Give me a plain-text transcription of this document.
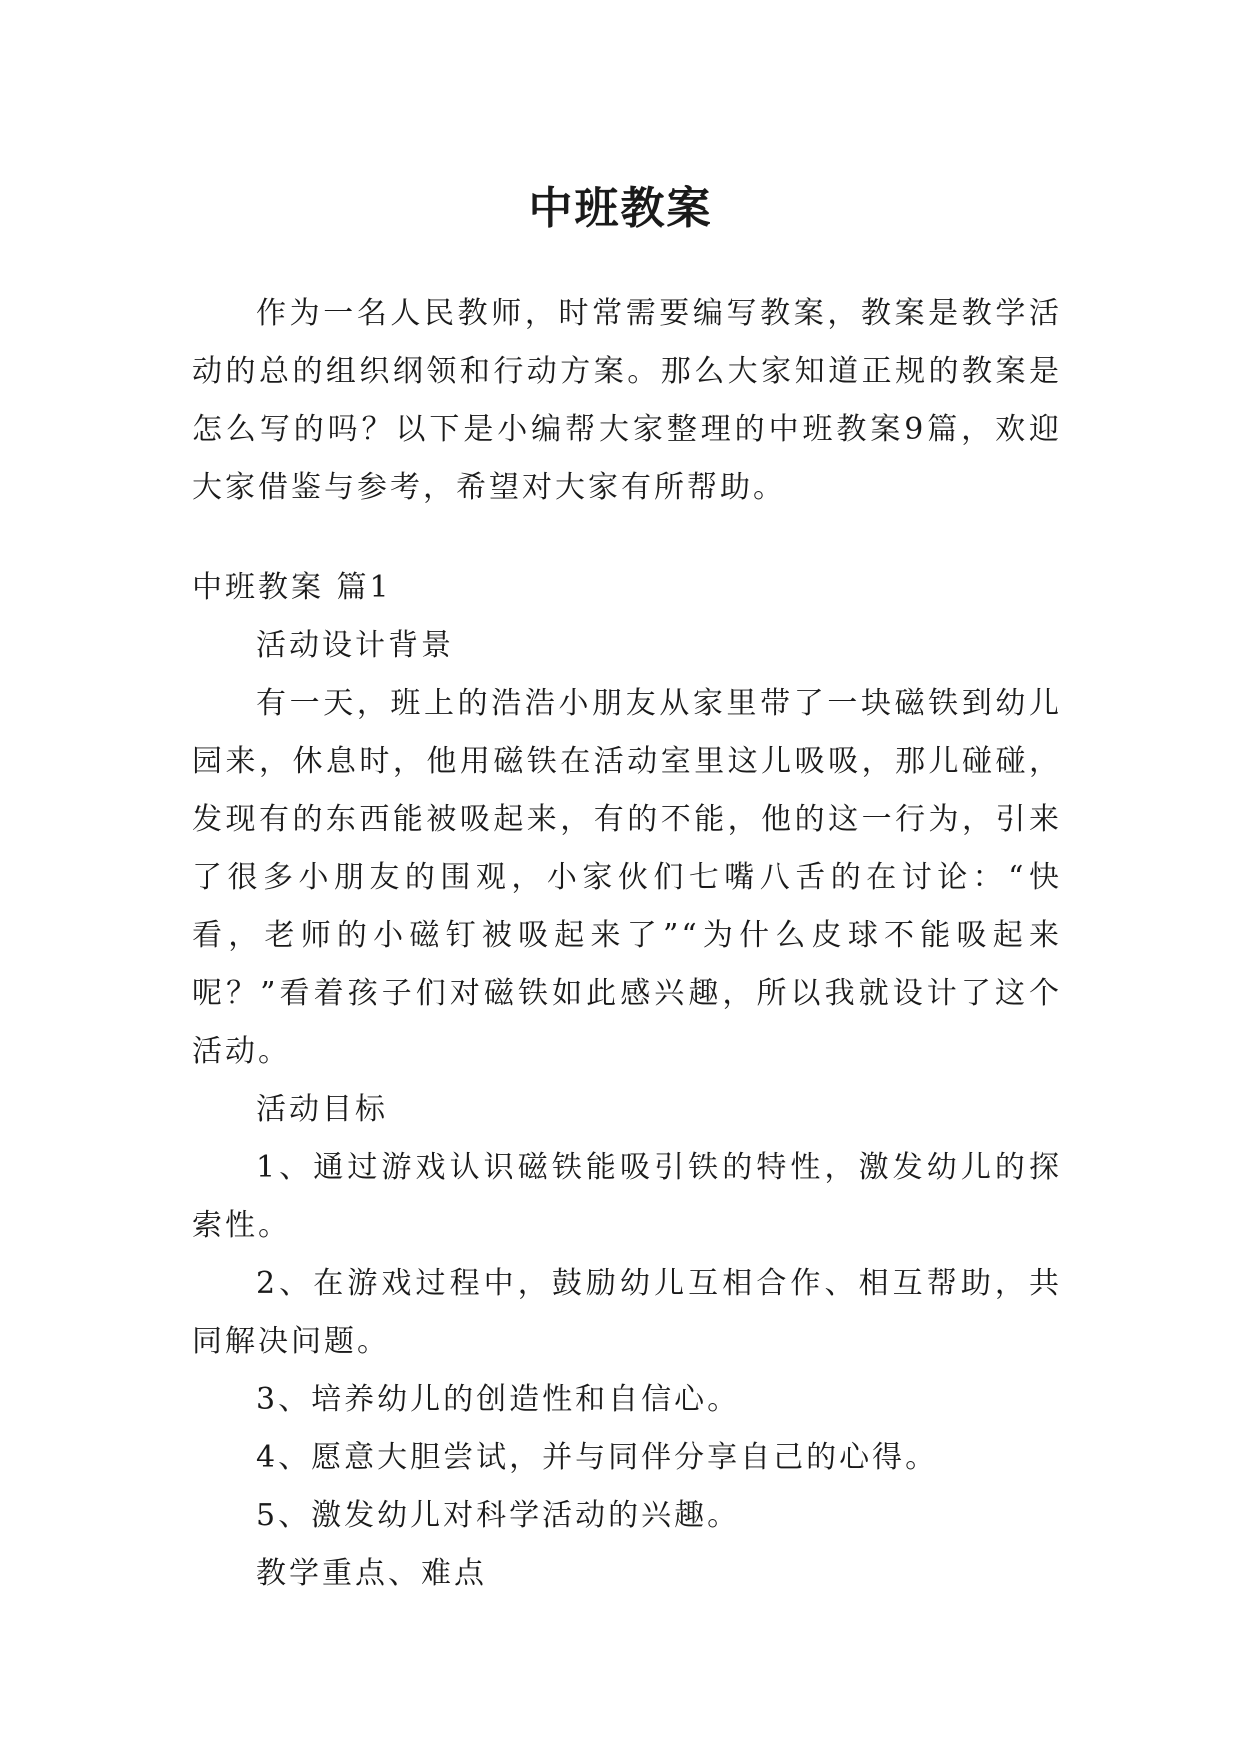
中班教案

作为一名人民教师，时常需要编写教案，教案是教学活动的总的组织纲领和行动方案。那么大家知道正规的教案是怎么写的吗？以下是小编帮大家整理的中班教案9篇，欢迎大家借鉴与参考，希望对大家有所帮助。

中班教案 篇1

活动设计背景

有一天，班上的浩浩小朋友从家里带了一块磁铁到幼儿园来，休息时，他用磁铁在活动室里这儿吸吸，那儿碰碰，发现有的东西能被吸起来，有的不能，他的这一行为，引来了很多小朋友的围观，小家伙们七嘴八舌的在讨论：“快看，老师的小磁钉被吸起来了”“为什么皮球不能吸起来呢？”看着孩子们对磁铁如此感兴趣，所以我就设计了这个活动。

活动目标

1、通过游戏认识磁铁能吸引铁的特性，激发幼儿的探索性。

2、在游戏过程中，鼓励幼儿互相合作、相互帮助，共同解决问题。

3、培养幼儿的创造性和自信心。

4、愿意大胆尝试，并与同伴分享自己的心得。

5、激发幼儿对科学活动的兴趣。

教学重点、难点
